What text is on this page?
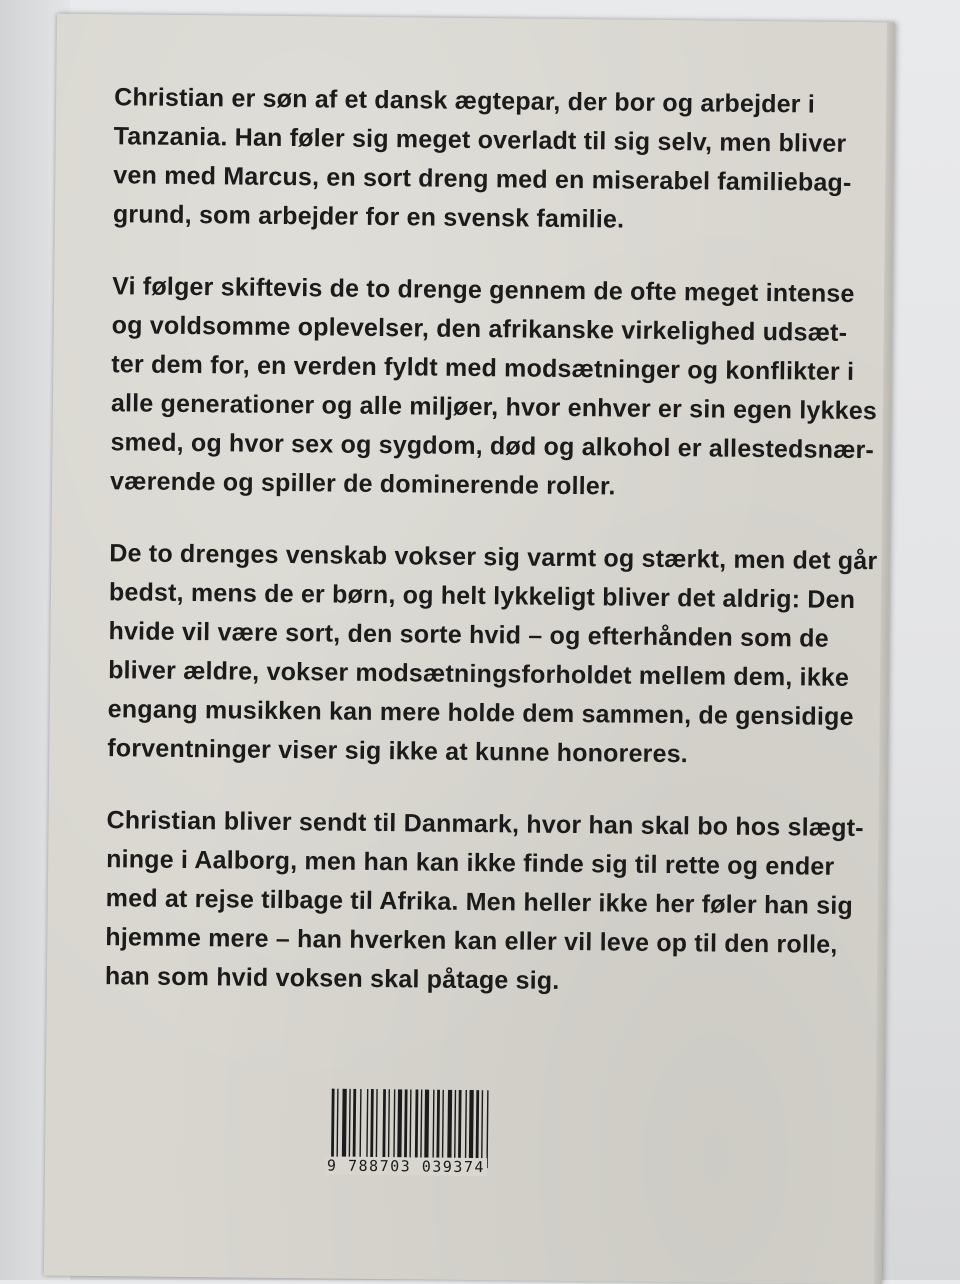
Christian er søn af et dansk ægtepar, der bor og arbejder i
Tanzania. Han føler sig meget overladt til sig selv, men bliver
ven med Marcus, en sort dreng med en miserabel familiebag-
grund, som arbejder for en svensk familie.

Vi følger skiftevis de to drenge gennem de ofte meget intense
og voldsomme oplevelser, den afrikanske virkelighed udsæt-
ter dem for, en verden fyldt med modsætninger og konflikter i
alle generationer og alle miljøer, hvor enhver er sin egen lykkes
smed, og hvor sex og sygdom, død og alkohol er allestedsnær-
værende og spiller de dominerende roller.

De to drenges venskab vokser sig varmt og stærkt, men det går
bedst, mens de er børn, og helt lykkeligt bliver det aldrig: Den
hvide vil være sort, den sorte hvid – og efterhånden som de
bliver ældre, vokser modsætningsforholdet mellem dem, ikke
engang musikken kan mere holde dem sammen, de gensidige
forventninger viser sig ikke at kunne honoreres.

Christian bliver sendt til Danmark, hvor han skal bo hos slægt-
ninge i Aalborg, men han kan ikke finde sig til rette og ender
med at rejse tilbage til Afrika. Men heller ikke her føler han sig
hjemme mere – han hverken kan eller vil leve op til den rolle,
han som hvid voksen skal påtage sig.

9 788703 039374
